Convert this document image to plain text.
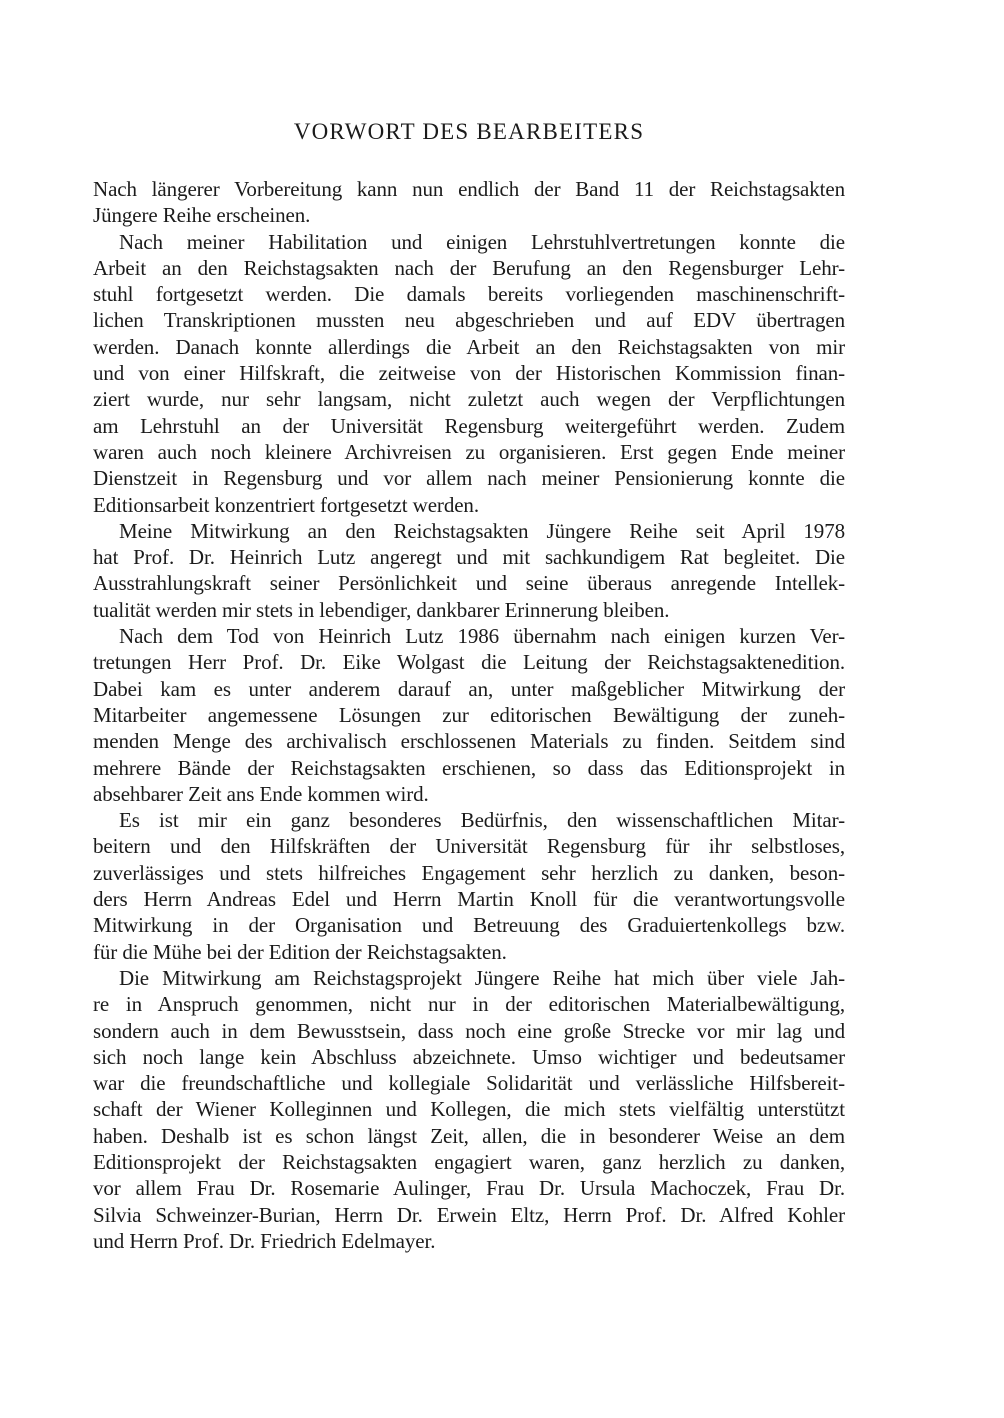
VORWORT DES BEARBEITERS
Nach längerer Vorbereitung kann nun endlich der Band 11 der Reichstagsakten
Jüngere Reihe erscheinen.
Nach meiner Habilitation und einigen Lehrstuhlvertretungen konnte die
Arbeit an den Reichstagsakten nach der Berufung an den Regensburger Lehr-
stuhl fortgesetzt werden. Die damals bereits vorliegenden maschinenschrift-
lichen Transkriptionen mussten neu abgeschrieben und auf EDV übertragen
werden. Danach konnte allerdings die Arbeit an den Reichstagsakten von mir
und von einer Hilfskraft, die zeitweise von der Historischen Kommission finan-
ziert wurde, nur sehr langsam, nicht zuletzt auch wegen der Verpflichtungen
am Lehrstuhl an der Universität Regensburg weitergeführt werden. Zudem
waren auch noch kleinere Archivreisen zu organisieren. Erst gegen Ende meiner
Dienstzeit in Regensburg und vor allem nach meiner Pensionierung konnte die
Editionsarbeit konzentriert fortgesetzt werden.
Meine Mitwirkung an den Reichstagsakten Jüngere Reihe seit April 1978
hat Prof. Dr. Heinrich Lutz angeregt und mit sachkundigem Rat begleitet. Die
Ausstrahlungskraft seiner Persönlichkeit und seine überaus anregende Intellek-
tualität werden mir stets in lebendiger, dankbarer Erinnerung bleiben.
Nach dem Tod von Heinrich Lutz 1986 übernahm nach einigen kurzen Ver-
tretungen Herr Prof. Dr. Eike Wolgast die Leitung der Reichstagsaktenedition.
Dabei kam es unter anderem darauf an, unter maßgeblicher Mitwirkung der
Mitarbeiter angemessene Lösungen zur editorischen Bewältigung der zuneh-
menden Menge des archivalisch erschlossenen Materials zu finden. Seitdem sind
mehrere Bände der Reichstagsakten erschienen, so dass das Editionsprojekt in
absehbarer Zeit ans Ende kommen wird.
Es ist mir ein ganz besonderes Bedürfnis, den wissenschaftlichen Mitar-
beitern und den Hilfskräften der Universität Regensburg für ihr selbstloses,
zuverlässiges und stets hilfreiches Engagement sehr herzlich zu danken, beson-
ders Herrn Andreas Edel und Herrn Martin Knoll für die verantwortungsvolle
Mitwirkung in der Organisation und Betreuung des Graduiertenkollegs bzw.
für die Mühe bei der Edition der Reichstagsakten.
Die Mitwirkung am Reichstagsprojekt Jüngere Reihe hat mich über viele Jah-
re in Anspruch genommen, nicht nur in der editorischen Materialbewältigung,
sondern auch in dem Bewusstsein, dass noch eine große Strecke vor mir lag und
sich noch lange kein Abschluss abzeichnete. Umso wichtiger und bedeutsamer
war die freundschaftliche und kollegiale Solidarität und verlässliche Hilfsbereit-
schaft der Wiener Kolleginnen und Kollegen, die mich stets vielfältig unterstützt
haben. Deshalb ist es schon längst Zeit, allen, die in besonderer Weise an dem
Editionsprojekt der Reichstagsakten engagiert waren, ganz herzlich zu danken,
vor allem Frau Dr. Rosemarie Aulinger, Frau Dr. Ursula Machoczek, Frau Dr.
Silvia Schweinzer-Burian, Herrn Dr. Erwein Eltz, Herrn Prof. Dr. Alfred Kohler
und Herrn Prof. Dr. Friedrich Edelmayer.
